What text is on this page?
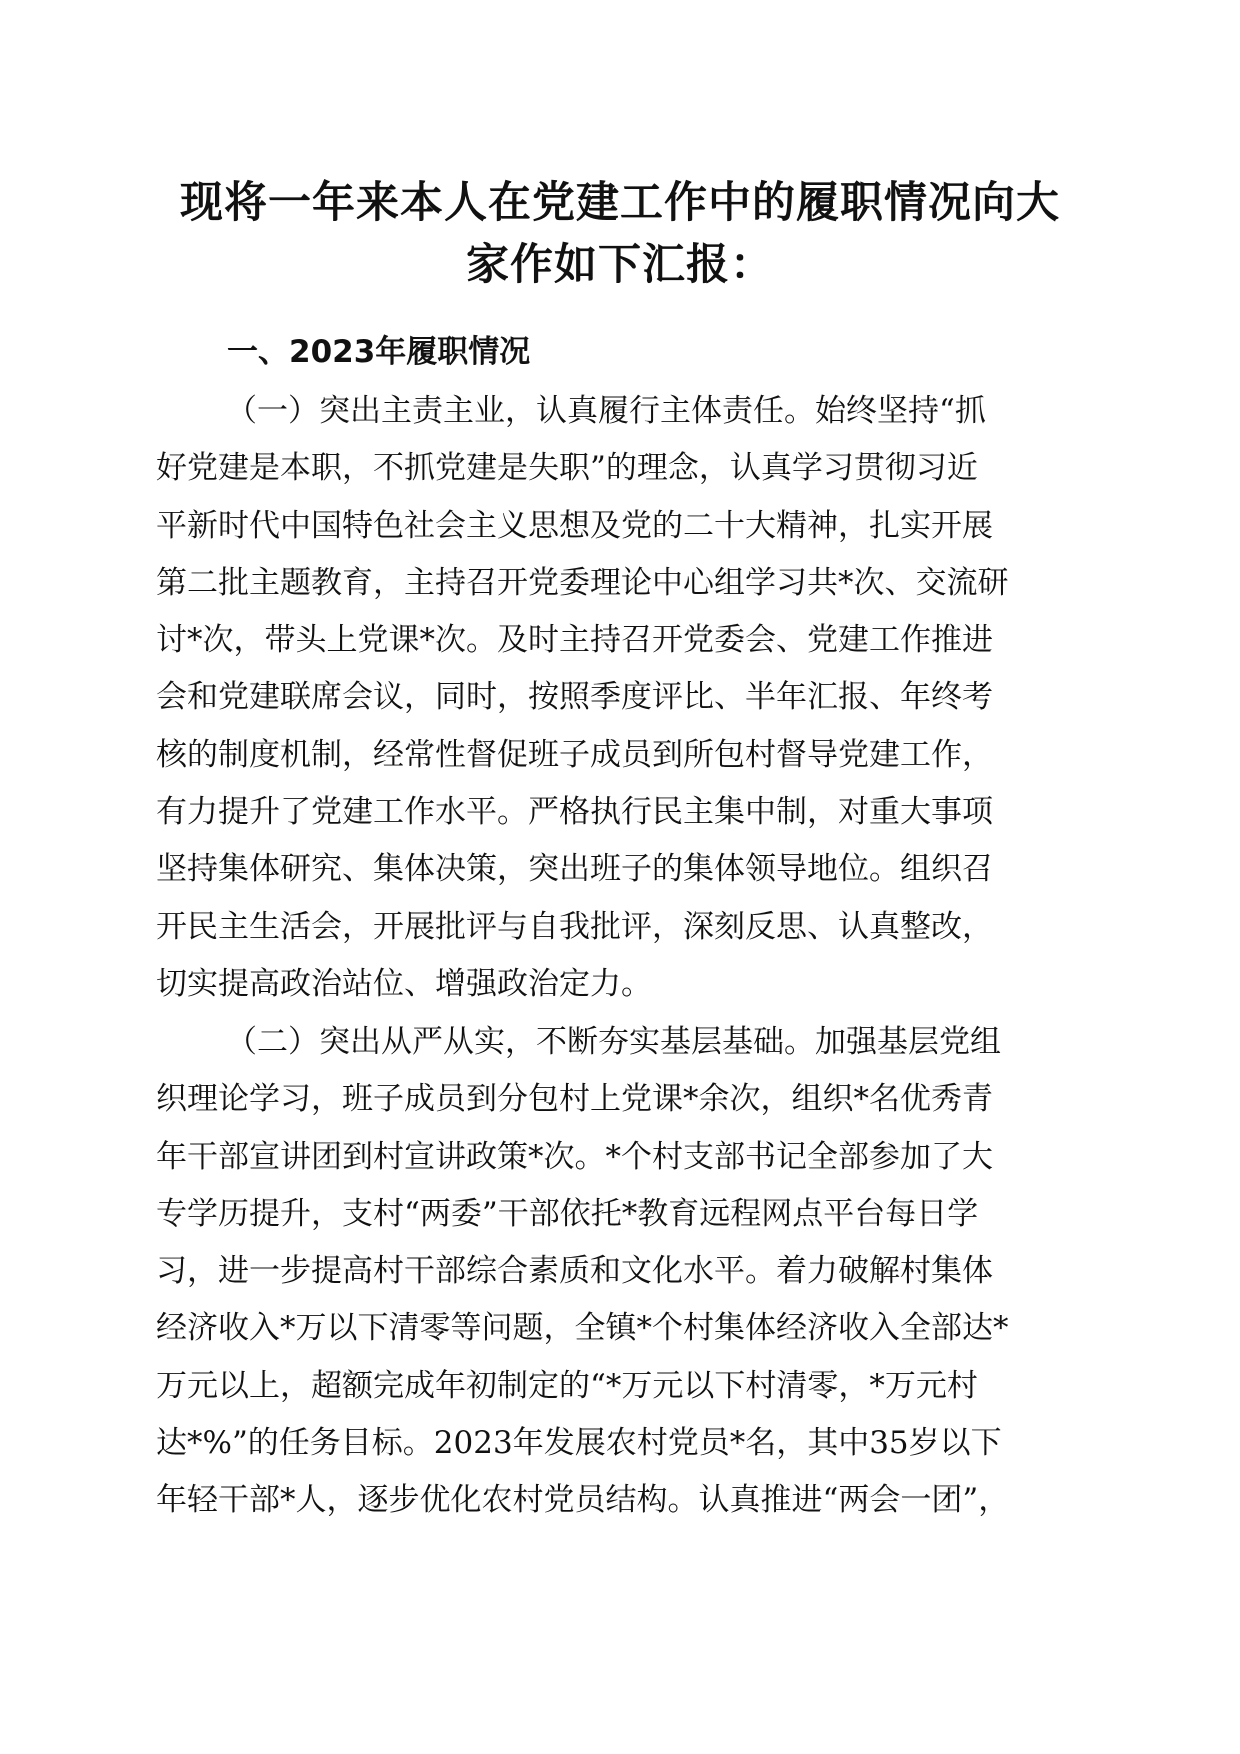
现将一年来本人在党建工作中的履职情况向大
家作如下汇报：
一、2023年履职情况
（一）突出主责主业，认真履行主体责任。始终坚持“抓
好党建是本职，不抓党建是失职”的理念，认真学习贯彻习近
平新时代中国特色社会主义思想及党的二十大精神，扎实开展
第二批主题教育，主持召开党委理论中心组学习共*次、交流研
讨*次，带头上党课*次。及时主持召开党委会、党建工作推进
会和党建联席会议，同时，按照季度评比、半年汇报、年终考
核的制度机制，经常性督促班子成员到所包村督导党建工作，
有力提升了党建工作水平。严格执行民主集中制，对重大事项
坚持集体研究、集体决策，突出班子的集体领导地位。组织召
开民主生活会，开展批评与自我批评，深刻反思、认真整改，
切实提高政治站位、增强政治定力。
（二）突出从严从实，不断夯实基层基础。加强基层党组
织理论学习，班子成员到分包村上党课*余次，组织*名优秀青
年干部宣讲团到村宣讲政策*次。*个村支部书记全部参加了大
专学历提升，支村“两委”干部依托*教育远程网点平台每日学
习，进一步提高村干部综合素质和文化水平。着力破解村集体
经济收入*万以下清零等问题，全镇*个村集体经济收入全部达*
万元以上，超额完成年初制定的“*万元以下村清零，*万元村
达*%”的任务目标。2023年发展农村党员*名，其中35岁以下
年轻干部*人，逐步优化农村党员结构。认真推进“两会一团”，
